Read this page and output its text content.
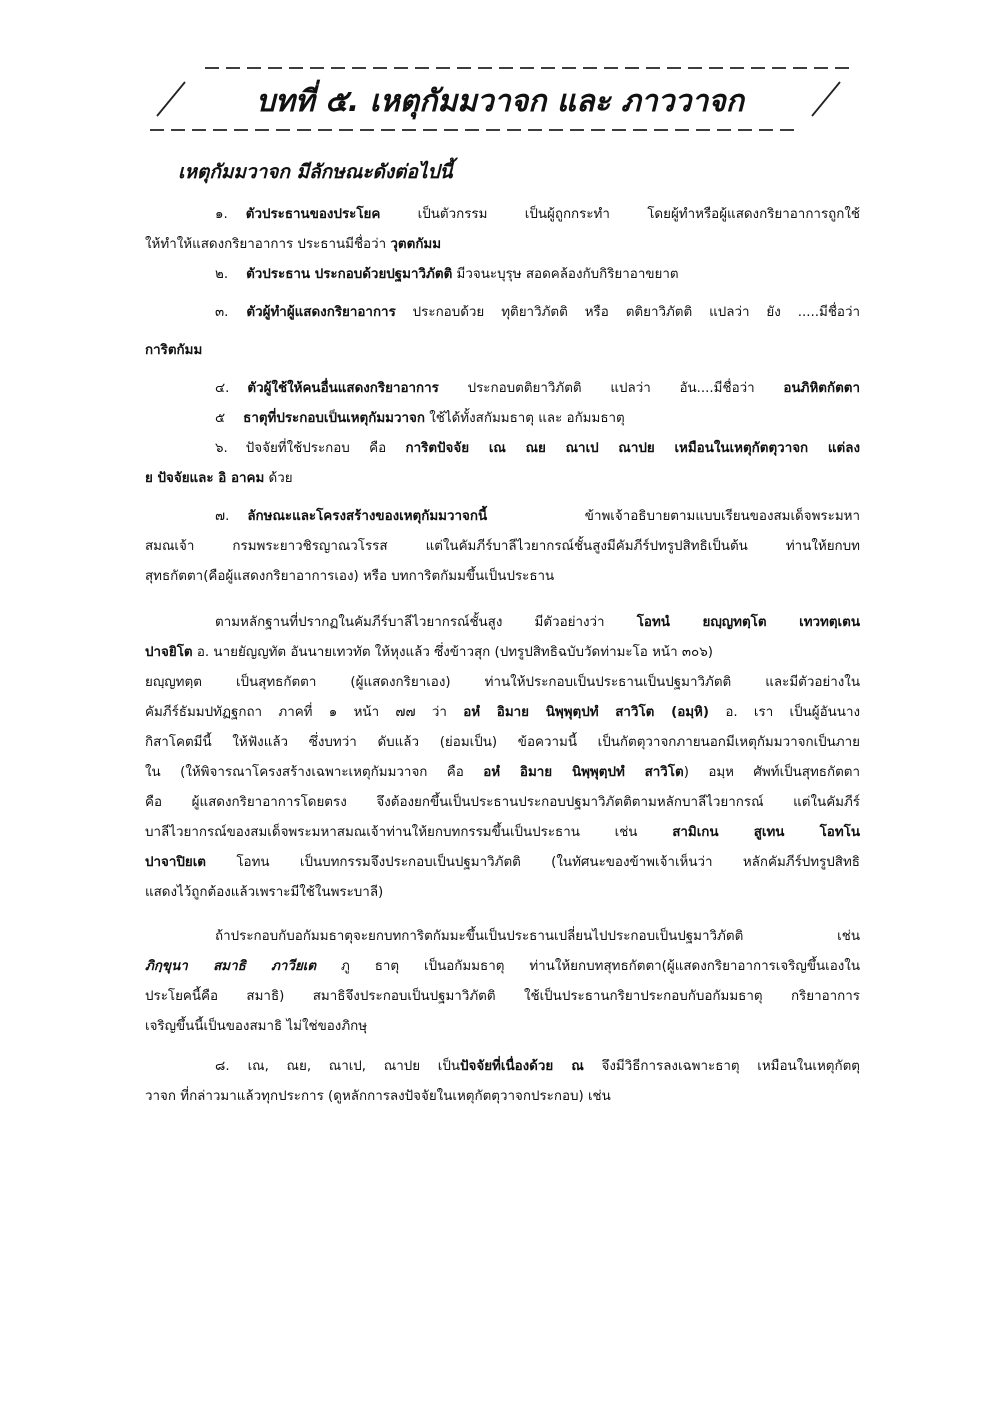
บทที่ ๕. เหตุกัมมวาจก และ ภาววาจก
เหตุกัมมวาจก มีลักษณะดังต่อไปนี้

๑. ตัวประธานของประโยค เป็นตัวกรรม เป็นผู้ถูกกระทำ โดยผู้ทำหรือผู้แสดงกริยาอาการถูกใช้
ให้ทำให้แสดงกริยาอาการ ประธานมีชื่อว่า วุตตกัมม

๒. ตัวประธาน ประกอบด้วยปฐมาวิภัตติ มีวจนะบุรุษ สอดคล้องกับกิริยาอาขยาต

๓. ตัวผู้ทำผู้แสดงกริยาอาการ ประกอบด้วย ทุติยาวิภัตติ หรือ ตติยาวิภัตติ แปลว่า ยัง .....มีชื่อว่า
การิตกัมม

๔. ตัวผู้ใช้ให้คนอื่นแสดงกริยาอาการ ประกอบตติยาวิภัตติ แปลว่า อัน....มีชื่อว่า อนภิหิตกัตตา

๕ ธาตุที่ประกอบเป็นเหตุกัมมวาจก ใช้ได้ทั้งสกัมมธาตุ และ อกัมมธาตุ

๖. ปัจจัยที่ใช้ประกอบ คือ การิตปัจจัย เณ ณย ณาเป ณาปย เหมือนในเหตุกัตตุวาจก แต่ลง
ย ปัจจัยและ อิ อาคม ด้วย

๗. ลักษณะและโครงสร้างของเหตุกัมมวาจกนี้ ข้าพเจ้าอธิบายตามแบบเรียนของสมเด็จพระมหา
สมณเจ้า กรมพระยาวชิรญาณวโรรส แต่ในคัมภีร์บาลีไวยากรณ์ชั้นสูงมีคัมภีร์ปทรูปสิทธิเป็นต้น ท่านให้ยกบท
สุทธกัตตา(คือผู้แสดงกริยาอาการเอง) หรือ บทการิตกัมมขึ้นเป็นประธาน

ตามหลักฐานที่ปรากฏในคัมภีร์บาลีไวยากรณ์ชั้นสูง มีตัวอย่างว่า โอทนํ ยญฺญทตฺโต เทวทตฺเตน
ปาจยิโต อ. นายยัญญทัต อันนายเทวทัต ให้หุงแล้ว ซึ่งข้าวสุก (ปทรูปสิทธิฉบับวัดท่ามะโอ หน้า ๓๐๖)
ยญฺญทตฺต เป็นสุทธกัตตา (ผู้แสดงกริยาเอง) ท่านให้ประกอบเป็นประธานเป็นปฐมาวิภัตติ และมีตัวอย่างใน
คัมภีร์ธัมมปทัฏฐกถา ภาคที่ ๑ หน้า ๗๗ ว่า อหํ อิมาย นิพฺพุตฺปทํ สาวิโต (อมฺหิ) อ. เรา เป็นผู้อันนาง
กิสาโคตมีนี้ ให้ฟังแล้ว ซึ่งบทว่า ดับแล้ว (ย่อมเป็น) ข้อความนี้ เป็นกัตตุวาจกภายนอกมีเหตุกัมมวาจกเป็นภาย
ใน (ให้พิจารณาโครงสร้างเฉพาะเหตุกัมมวาจก คือ อหํ อิมาย นิพฺพุตฺปทํ สาวิโต) อมฺห ศัพท์เป็นสุทธกัตตา
คือ ผู้แสดงกริยาอาการโดยตรง จึงต้องยกขึ้นเป็นประธานประกอบปฐมาวิภัตติตามหลักบาลีไวยากรณ์ แต่ในคัมภีร์
บาลีไวยากรณ์ของสมเด็จพระมหาสมณเจ้าท่านให้ยกบทกรรมขึ้นเป็นประธาน เช่น สามิเกน สูเทน โอทโน
ปาจาปิยเต โอทน เป็นบทกรรมจึงประกอบเป็นปฐมาวิภัตติ (ในทัศนะของข้าพเจ้าเห็นว่า หลักคัมภีร์ปทรูปสิทธิ
แสดงไว้ถูกต้องแล้วเพราะมีใช้ในพระบาลี)

ถ้าประกอบกับอกัมมธาตุจะยกบทการิตกัมมะขึ้นเป็นประธานเปลี่ยนไปประกอบเป็นปฐมาวิภัตติ เช่น
ภิกฺขุนา สมาธิ ภาวียเต ภู ธาตุ เป็นอกัมมธาตุ ท่านให้ยกบทสุทธกัตตา(ผู้แสดงกริยาอาการเจริญขึ้นเองใน
ประโยคนี้คือ สมาธิ) สมาธิจึงประกอบเป็นปฐมาวิภัตติ ใช้เป็นประธานกริยาประกอบกับอกัมมธาตุ กริยาอาการ
เจริญขึ้นนี้เป็นของสมาธิ ไม่ใช่ของภิกษุ

๘. เณ, ณย, ณาเป, ณาปย เป็นปัจจัยที่เนื่องด้วย ณ จึงมีวิธีการลงเฉพาะธาตุ เหมือนในเหตุกัตตุ
วาจก ที่กล่าวมาแล้วทุกประการ (ดูหลักการลงปัจจัยในเหตุกัตตุวาจกประกอบ) เช่น
